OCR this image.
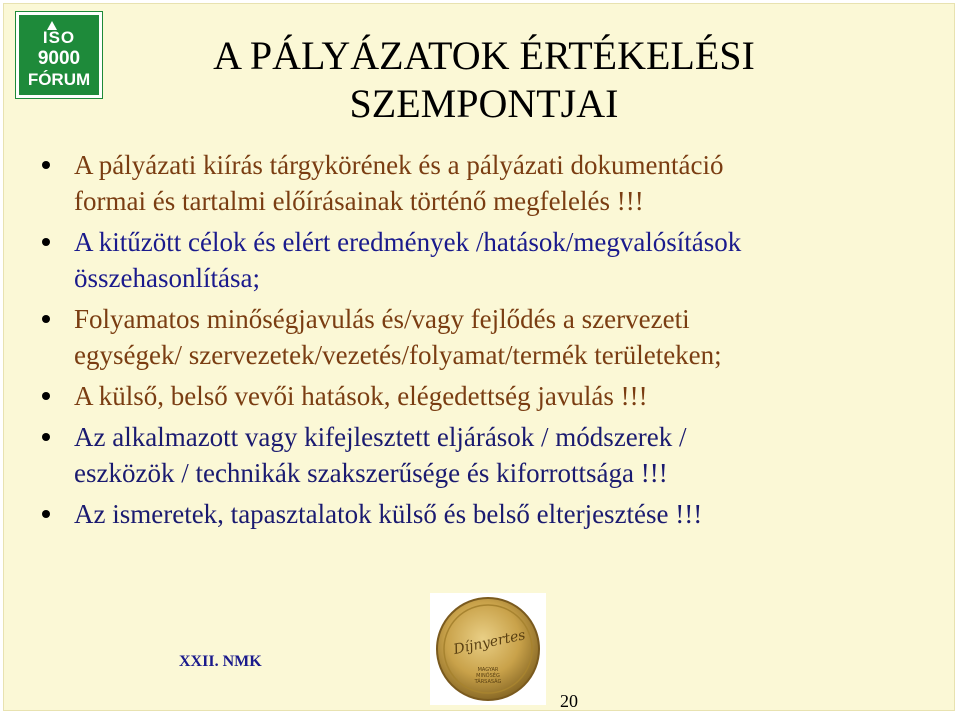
ISO
9000
FÓRUM
A PÁLYÁZATOK ÉRTÉKELÉSI
SZEMPONTJAI
A pályázati kiírás tárgykörének és a pályázati dokumentáció
formai és tartalmi előírásainak történő megfelelés !!!
A kitűzött célok és elért eredmények /hatások/megvalósítások
összehasonlítása;
Folyamatos minőségjavulás és/vagy fejlődés a szervezeti
egységek/ szervezetek/vezetés/folyamat/termék területeken;
A külső, belső vevői hatások, elégedettség javulás !!!
Az alkalmazott vagy kifejlesztett eljárások / módszerek /
eszközök / technikák szakszerűsége és kiforrottsága !!!
Az ismeretek, tapasztalatok külső és belső elterjesztése !!!
XXII. NMK
Díjnyertes
MAGYAR
MINŐSÉG
TÁRSASÁG
20
